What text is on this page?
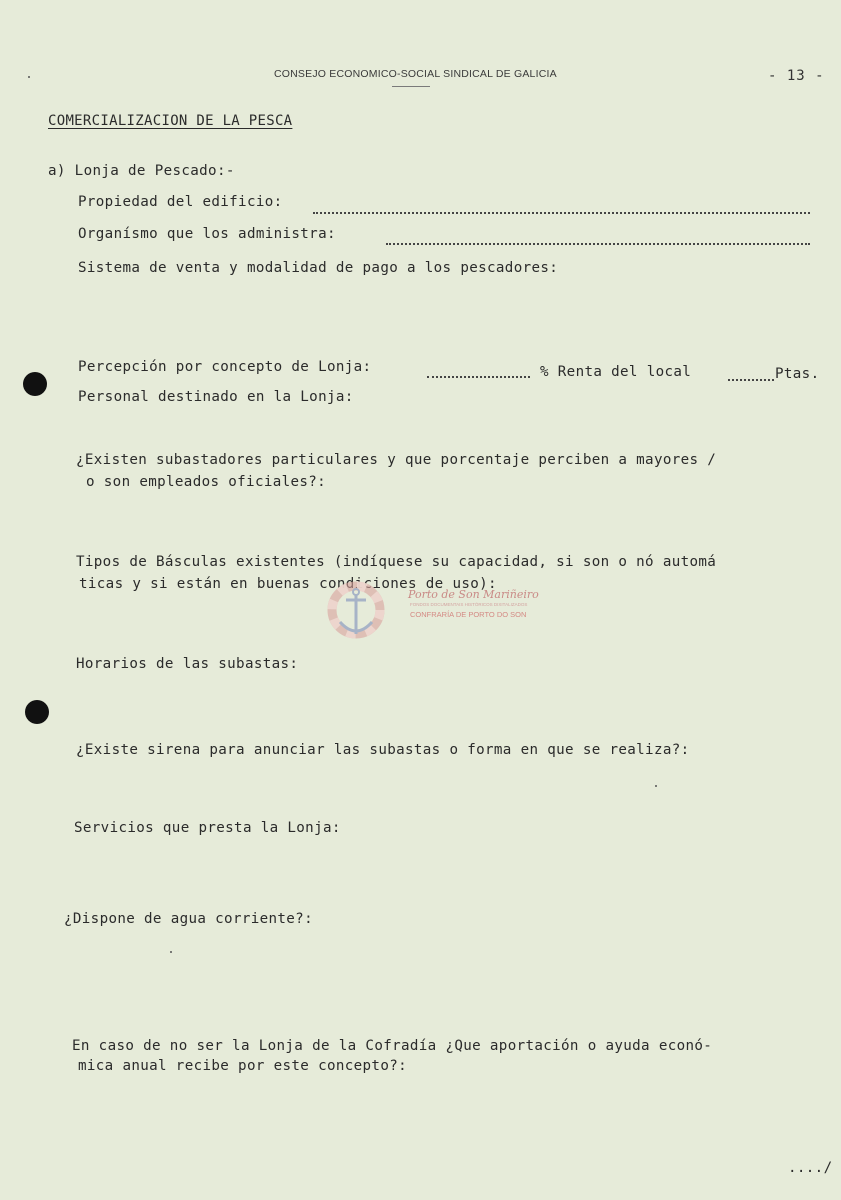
CONSEJO ECONOMICO-SOCIAL SINDICAL DE GALICIA	- 13 -
COMERCIALIZACION DE LA PESCA
a) Lonja de Pescado:-
Propiedad del edificio:
Organísmo que los administra:
Sistema de venta y modalidad de pago a los pescadores:
Percepción por concepto de Lonja:	% Renta del local	Ptas.
Personal destinado en la Lonja:
¿Existen subastadores particulares y que porcentaje perciben a mayores /
o son empleados oficiales?:
Tipos de Básculas existentes (indíquese su capacidad, si son o nó automá
ticas y si están en buenas condiciones de uso):
Horarios de las subastas:
¿Existe sirena para anunciar las subastas o forma en que se realiza?:
Servicios que presta la Lonja:
¿Dispone de agua corriente?:
En caso de no ser la Lonja de la Cofradía ¿Que aportación o ayuda econó-
mica anual recibe por este concepto?:
..../
Porto de Son Mariñeiro
FONDOS DOCUMENTAIS HISTÓRICOS DIXITALIZADOS
CONFRARÍA DE PORTO DO SON
